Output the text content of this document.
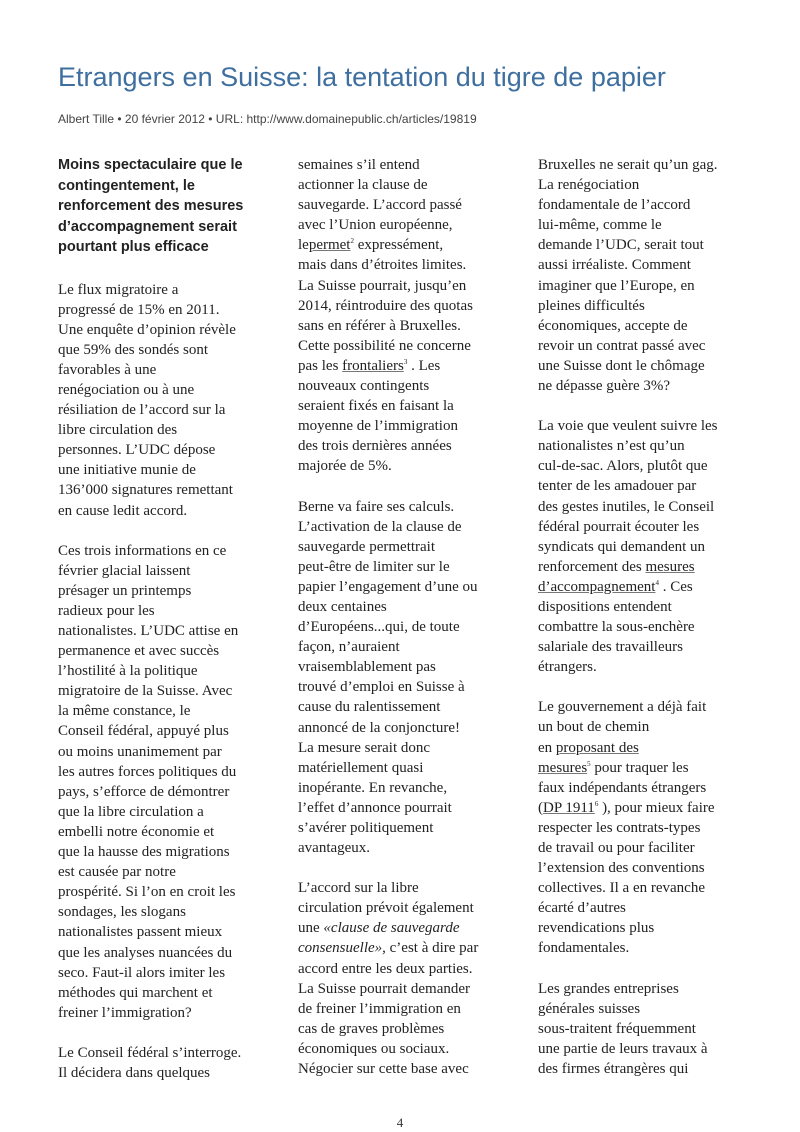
Etrangers en Suisse: la tentation du tigre de papier
Albert Tille • 20 février 2012 • URL: http://www.domainepublic.ch/articles/19819
Moins spectaculaire que le
contingentement, le
renforcement des mesures
d’accompagnement serait
pourtant plus efficace

Le flux migratoire a
progressé de 15% en 2011.
Une enquête d’opinion révèle
que 59% des sondés sont
favorables à une
renégociation ou à une
résiliation de l’accord sur la
libre circulation des
personnes. L’UDC dépose
une initiative munie de
136’000 signatures remettant
en cause ledit accord.

Ces trois informations en ce
février glacial laissent
présager un printemps
radieux pour les
nationalistes. L’UDC attise en
permanence et avec succès
l’hostilité à la politique
migratoire de la Suisse. Avec
la même constance, le
Conseil fédéral, appuyé plus
ou moins unanimement par
les autres forces politiques du
pays, s’efforce de démontrer
que la libre circulation a
embelli notre économie et
que la hausse des migrations
est causée par notre
prospérité. Si l’on en croit les
sondages, les slogans
nationalistes passent mieux
que les analyses nuancées du
seco. Faut-il alors imiter les
méthodes qui marchent et
freiner l’immigration?

Le Conseil fédéral s’interroge.
Il décidera dans quelques

semaines s’il entend
actionner la clause de
sauvegarde. L’accord passé
avec l’Union européenne,
lepermet$^2$ expressément,
mais dans d’étroites limites.
La Suisse pourrait, jusqu’en
2014, réintroduire des quotas
sans en référer à Bruxelles.
Cette possibilité ne concerne
pas les frontaliers$^3$ . Les
nouveaux contingents
seraient fixés en faisant la
moyenne de l’immigration
des trois dernières années
majorée de 5%.

Berne va faire ses calculs.
L’activation de la clause de
sauvegarde permettrait
peut-être de limiter sur le
papier l’engagement d’une ou
deux centaines
d’Européens...qui, de toute
façon, n’auraient
vraisemblablement pas
trouvé d’emploi en Suisse à
cause du ralentissement
annoncé de la conjoncture!
La mesure serait donc
matériellement quasi
inopérante. En revanche,
l’effet d’annonce pourrait
s’avérer politiquement
avantageux.

L’accord sur la libre
circulation prévoit également
une «clause de sauvegarde
consensuelle», c’est à dire par
accord entre les deux parties.
La Suisse pourrait demander
de freiner l’immigration en
cas de graves problèmes
économiques ou sociaux.
Négocier sur cette base avec

Bruxelles ne serait qu’un gag.
La renégociation
fondamentale de l’accord
lui-même, comme le
demande l’UDC, serait tout
aussi irréaliste. Comment
imaginer que l’Europe, en
pleines difficultés
économiques, accepte de
revoir un contrat passé avec
une Suisse dont le chômage
ne dépasse guère 3%?

La voie que veulent suivre les
nationalistes n’est qu’un
cul-de-sac. Alors, plutôt que
tenter de les amadouer par
des gestes inutiles, le Conseil
fédéral pourrait écouter les
syndicats qui demandent un
renforcement des mesures
d’accompagnement$^4$ . Ces
dispositions entendent
combattre la sous-enchère
salariale des travailleurs
étrangers.

Le gouvernement a déjà fait
un bout de chemin
en proposant des
mesures$^5$ pour traquer les
faux indépendants étrangers
(DP 1911$^6$ ), pour mieux faire
respecter les contrats-types
de travail ou pour faciliter
l’extension des conventions
collectives. Il a en revanche
écarté d’autres
revendications plus
fondamentales.

Les grandes entreprises
générales suisses
sous-traitent fréquemment
une partie de leurs travaux à
des firmes étrangères qui

4
